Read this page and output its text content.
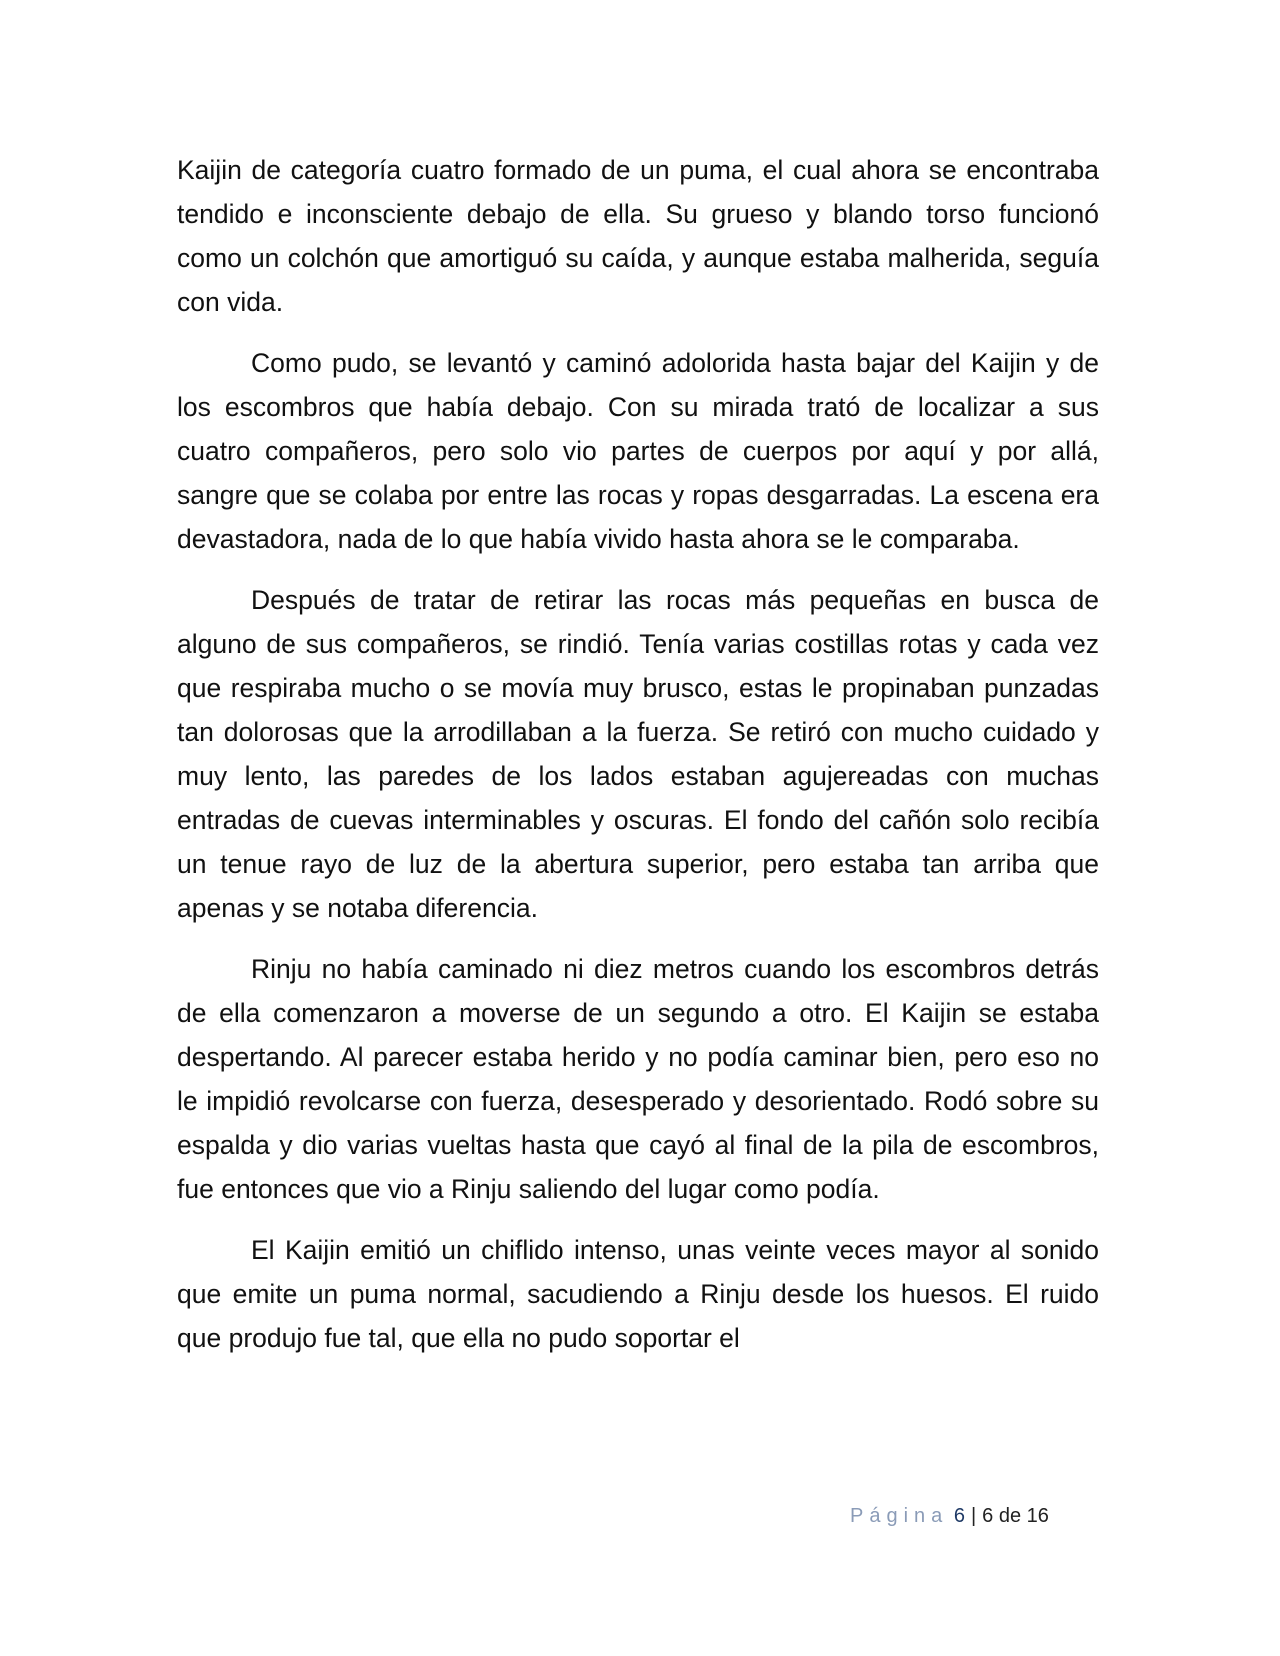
Kaijin de categoría cuatro formado de un puma, el cual ahora se encontraba tendido e inconsciente debajo de ella. Su grueso y blando torso funcionó como un colchón que amortiguó su caída, y aunque estaba malherida, seguía con vida.

Como pudo, se levantó y caminó adolorida hasta bajar del Kaijin y de los escombros que había debajo. Con su mirada trató de localizar a sus cuatro compañeros, pero solo vio partes de cuerpos por aquí y por allá, sangre que se colaba por entre las rocas y ropas desgarradas. La escena era devastadora, nada de lo que había vivido hasta ahora se le comparaba.

Después de tratar de retirar las rocas más pequeñas en busca de alguno de sus compañeros, se rindió. Tenía varias costillas rotas y cada vez que respiraba mucho o se movía muy brusco, estas le propinaban punzadas tan dolorosas que la arrodillaban a la fuerza. Se retiró con mucho cuidado y muy lento, las paredes de los lados estaban agujereadas con muchas entradas de cuevas interminables y oscuras. El fondo del cañón solo recibía un tenue rayo de luz de la abertura superior, pero estaba tan arriba que apenas y se notaba diferencia.

Rinju no había caminado ni diez metros cuando los escombros detrás de ella comenzaron a moverse de un segundo a otro. El Kaijin se estaba despertando. Al parecer estaba herido y no podía caminar bien, pero eso no le impidió revolcarse con fuerza, desesperado y desorientado. Rodó sobre su espalda y dio varias vueltas hasta que cayó al final de la pila de escombros, fue entonces que vio a Rinju saliendo del lugar como podía.

El Kaijin emitió un chiflido intenso, unas veinte veces mayor al sonido que emite un puma normal, sacudiendo a Rinju desde los huesos. El ruido que produjo fue tal, que ella no pudo soportar el

Página 6 | 6 de 16
